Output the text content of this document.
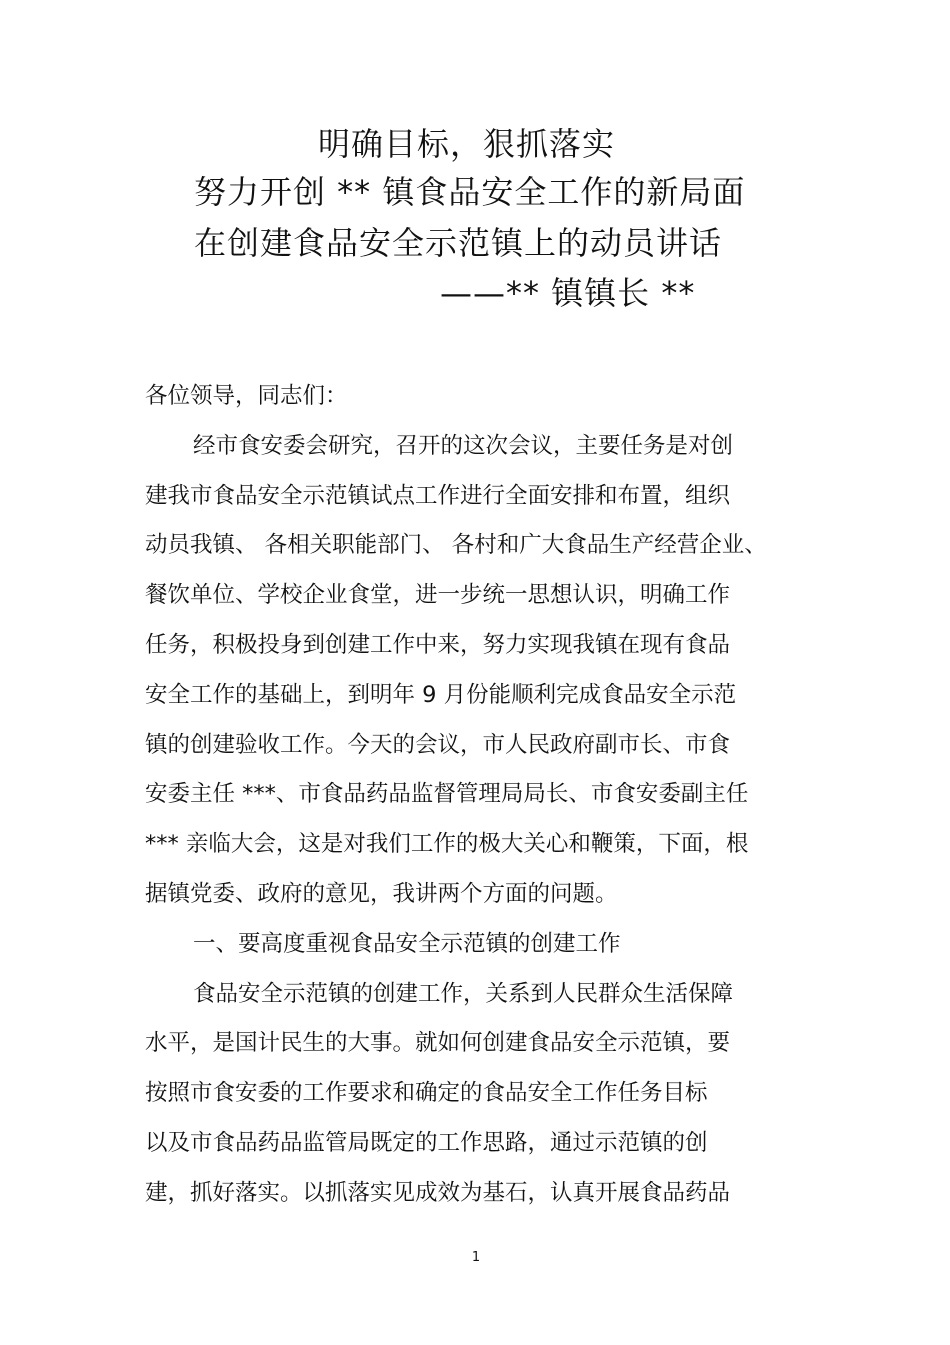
明确目标，狠抓落实
努力开创 ** 镇食品安全工作的新局面
在创建食品安全示范镇上的动员讲话
——** 镇镇长 **
各位领导，同志们：
经市食安委会研究，召开的这次会议，主要任务是对创
建我市食品安全示范镇试点工作进行全面安排和布置，组织
动员我镇、 各相关职能部门、 各村和广大食品生产经营企业、
餐饮单位、学校企业食堂，进一步统一思想认识，明确工作
任务，积极投身到创建工作中来，努力实现我镇在现有食品
安全工作的基础上，到明年 9 月份能顺利完成食品安全示范
镇的创建验收工作。今天的会议，市人民政府副市长、市食
安委主任 ***、市食品药品监督管理局局长、市食安委副主任
*** 亲临大会，这是对我们工作的极大关心和鞭策，下面，根
据镇党委、政府的意见，我讲两个方面的问题。
一、要高度重视食品安全示范镇的创建工作
食品安全示范镇的创建工作，关系到人民群众生活保障
水平，是国计民生的大事。就如何创建食品安全示范镇，要
按照市食安委的工作要求和确定的食品安全工作任务目标
以及市食品药品监管局既定的工作思路，通过示范镇的创
建，抓好落实。以抓落实见成效为基石，认真开展食品药品
1
